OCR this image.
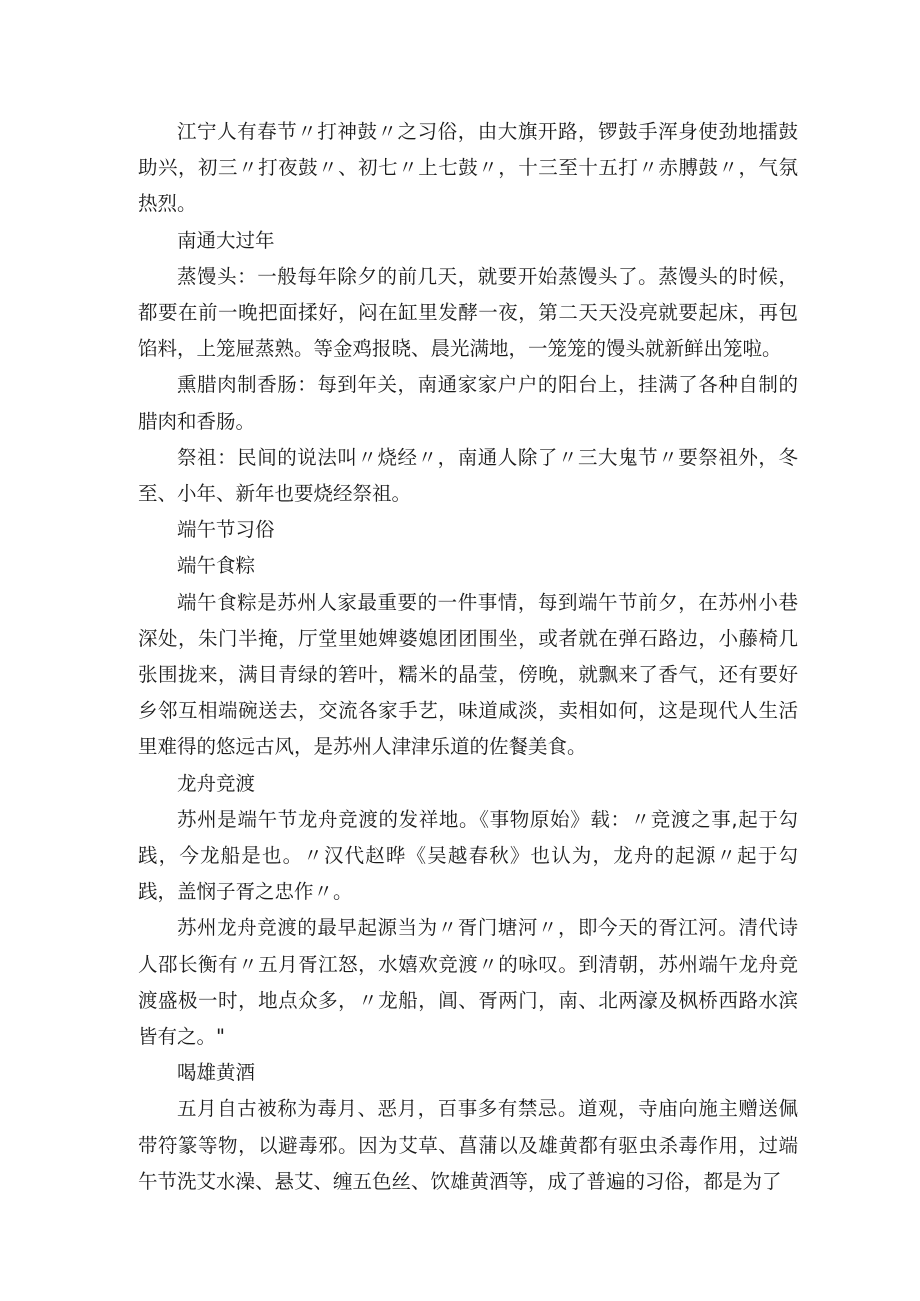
江宁人有春节〃打神鼓〃之习俗，由大旗开路，锣鼓手浑身使劲地擂鼓助兴，初三〃打夜鼓〃、初七〃上七鼓〃，十三至十五打〃赤膊鼓〃，气氛热烈。

南通大过年

蒸馒头：一般每年除夕的前几天，就要开始蒸馒头了。蒸馒头的时候，都要在前一晚把面揉好，闷在缸里发酵一夜，第二天天没亮就要起床，再包馅料，上笼屉蒸熟。等金鸡报晓、晨光满地，一笼笼的馒头就新鲜出笼啦。

熏腊肉制香肠：每到年关，南通家家户户的阳台上，挂满了各种自制的腊肉和香肠。

祭祖：民间的说法叫〃烧经〃，南通人除了〃三大鬼节〃要祭祖外，冬至、小年、新年也要烧经祭祖。

端午节习俗

端午食粽

端午食粽是苏州人家最重要的一件事情，每到端午节前夕，在苏州小巷深处，朱门半掩，厅堂里她婢婆媳团团围坐，或者就在弹石路边，小藤椅几张围拢来，满目青绿的箬叶，糯米的晶莹，傍晚，就飘来了香气，还有要好乡邻互相端碗送去，交流各家手艺，味道咸淡，卖相如何，这是现代人生活里难得的悠远古风，是苏州人津津乐道的佐餐美食。

龙舟竞渡

苏州是端午节龙舟竞渡的发祥地。《事物原始》载：〃竞渡之事,起于勾践，今龙船是也。〃汉代赵晔《吴越春秋》也认为，龙舟的起源〃起于勾践，盖悯子胥之忠作〃。

苏州龙舟竞渡的最早起源当为〃胥门塘河〃，即今天的胥江河。清代诗人邵长衡有〃五月胥江怒，水嬉欢竞渡〃的咏叹。到清朝，苏州端午龙舟竞渡盛极一时，地点众多，〃龙船，阊、胥两门，南、北两濠及枫桥西路水滨皆有之。"

喝雄黄酒

五月自古被称为毒月、恶月，百事多有禁忌。道观，寺庙向施主赠送佩带符篆等物，以避毒邪。因为艾草、菖蒲以及雄黄都有驱虫杀毒作用，过端午节洗艾水澡、悬艾、缠五色丝、饮雄黄酒等，成了普遍的习俗，都是为了
